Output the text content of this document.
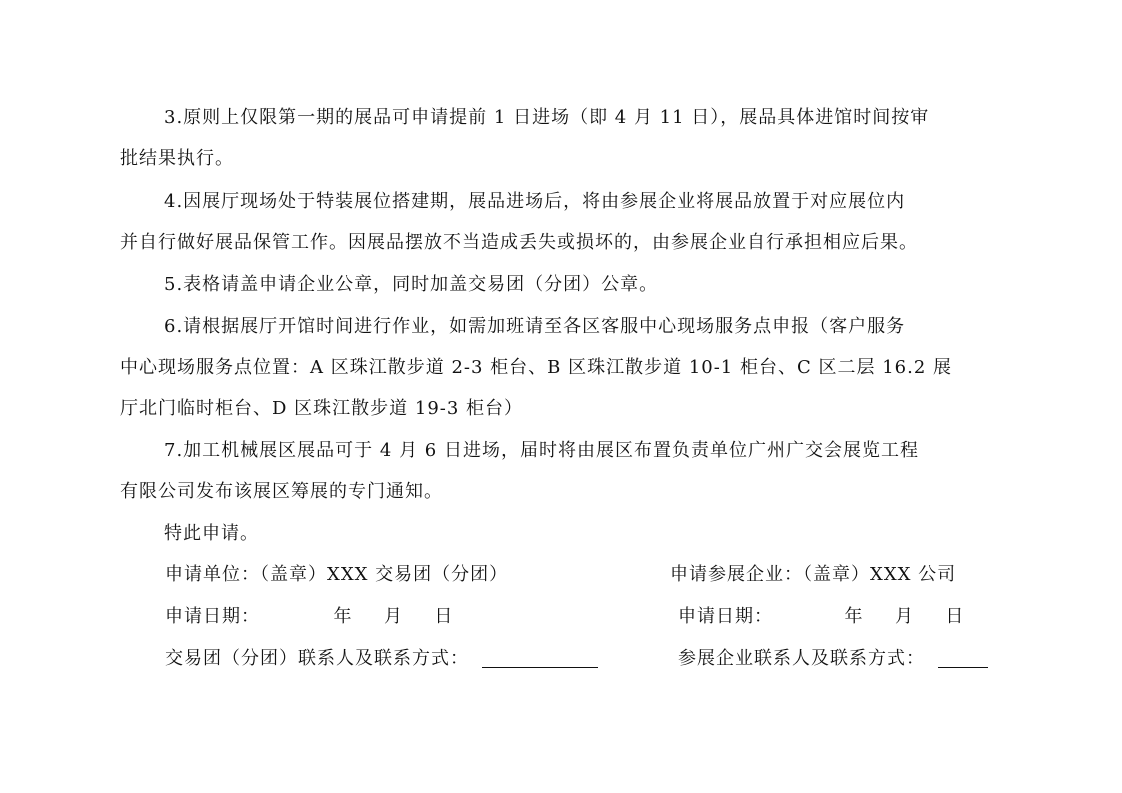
3.原则上仅限第一期的展品可申请提前 1 日进场（即 4 月 11 日），展品具体进馆时间按审
批结果执行。
4.因展厅现场处于特装展位搭建期，展品进场后，将由参展企业将展品放置于对应展位内
并自行做好展品保管工作。因展品摆放不当造成丢失或损坏的，由参展企业自行承担相应后果。
5.表格请盖申请企业公章，同时加盖交易团（分团）公章。
6.请根据展厅开馆时间进行作业，如需加班请至各区客服中心现场服务点申报（客户服务
中心现场服务点位置：A 区珠江散步道 2-3 柜台、B 区珠江散步道 10-1 柜台、C 区二层 16.2 展
厅北门临时柜台、D 区珠江散步道 19-3 柜台）
7.加工机械展区展品可于 4 月 6 日进场，届时将由展区布置负责单位广州广交会展览工程
有限公司发布该展区筹展的专门通知。
特此申请。
申请单位：（盖章）XXX 交易团（分团）
申请日期：	年 月 日
交易团（分团）联系人及联系方式：
申请参展企业：（盖章）XXX 公司
申请日期：	年 月 日
参展企业联系人及联系方式：
